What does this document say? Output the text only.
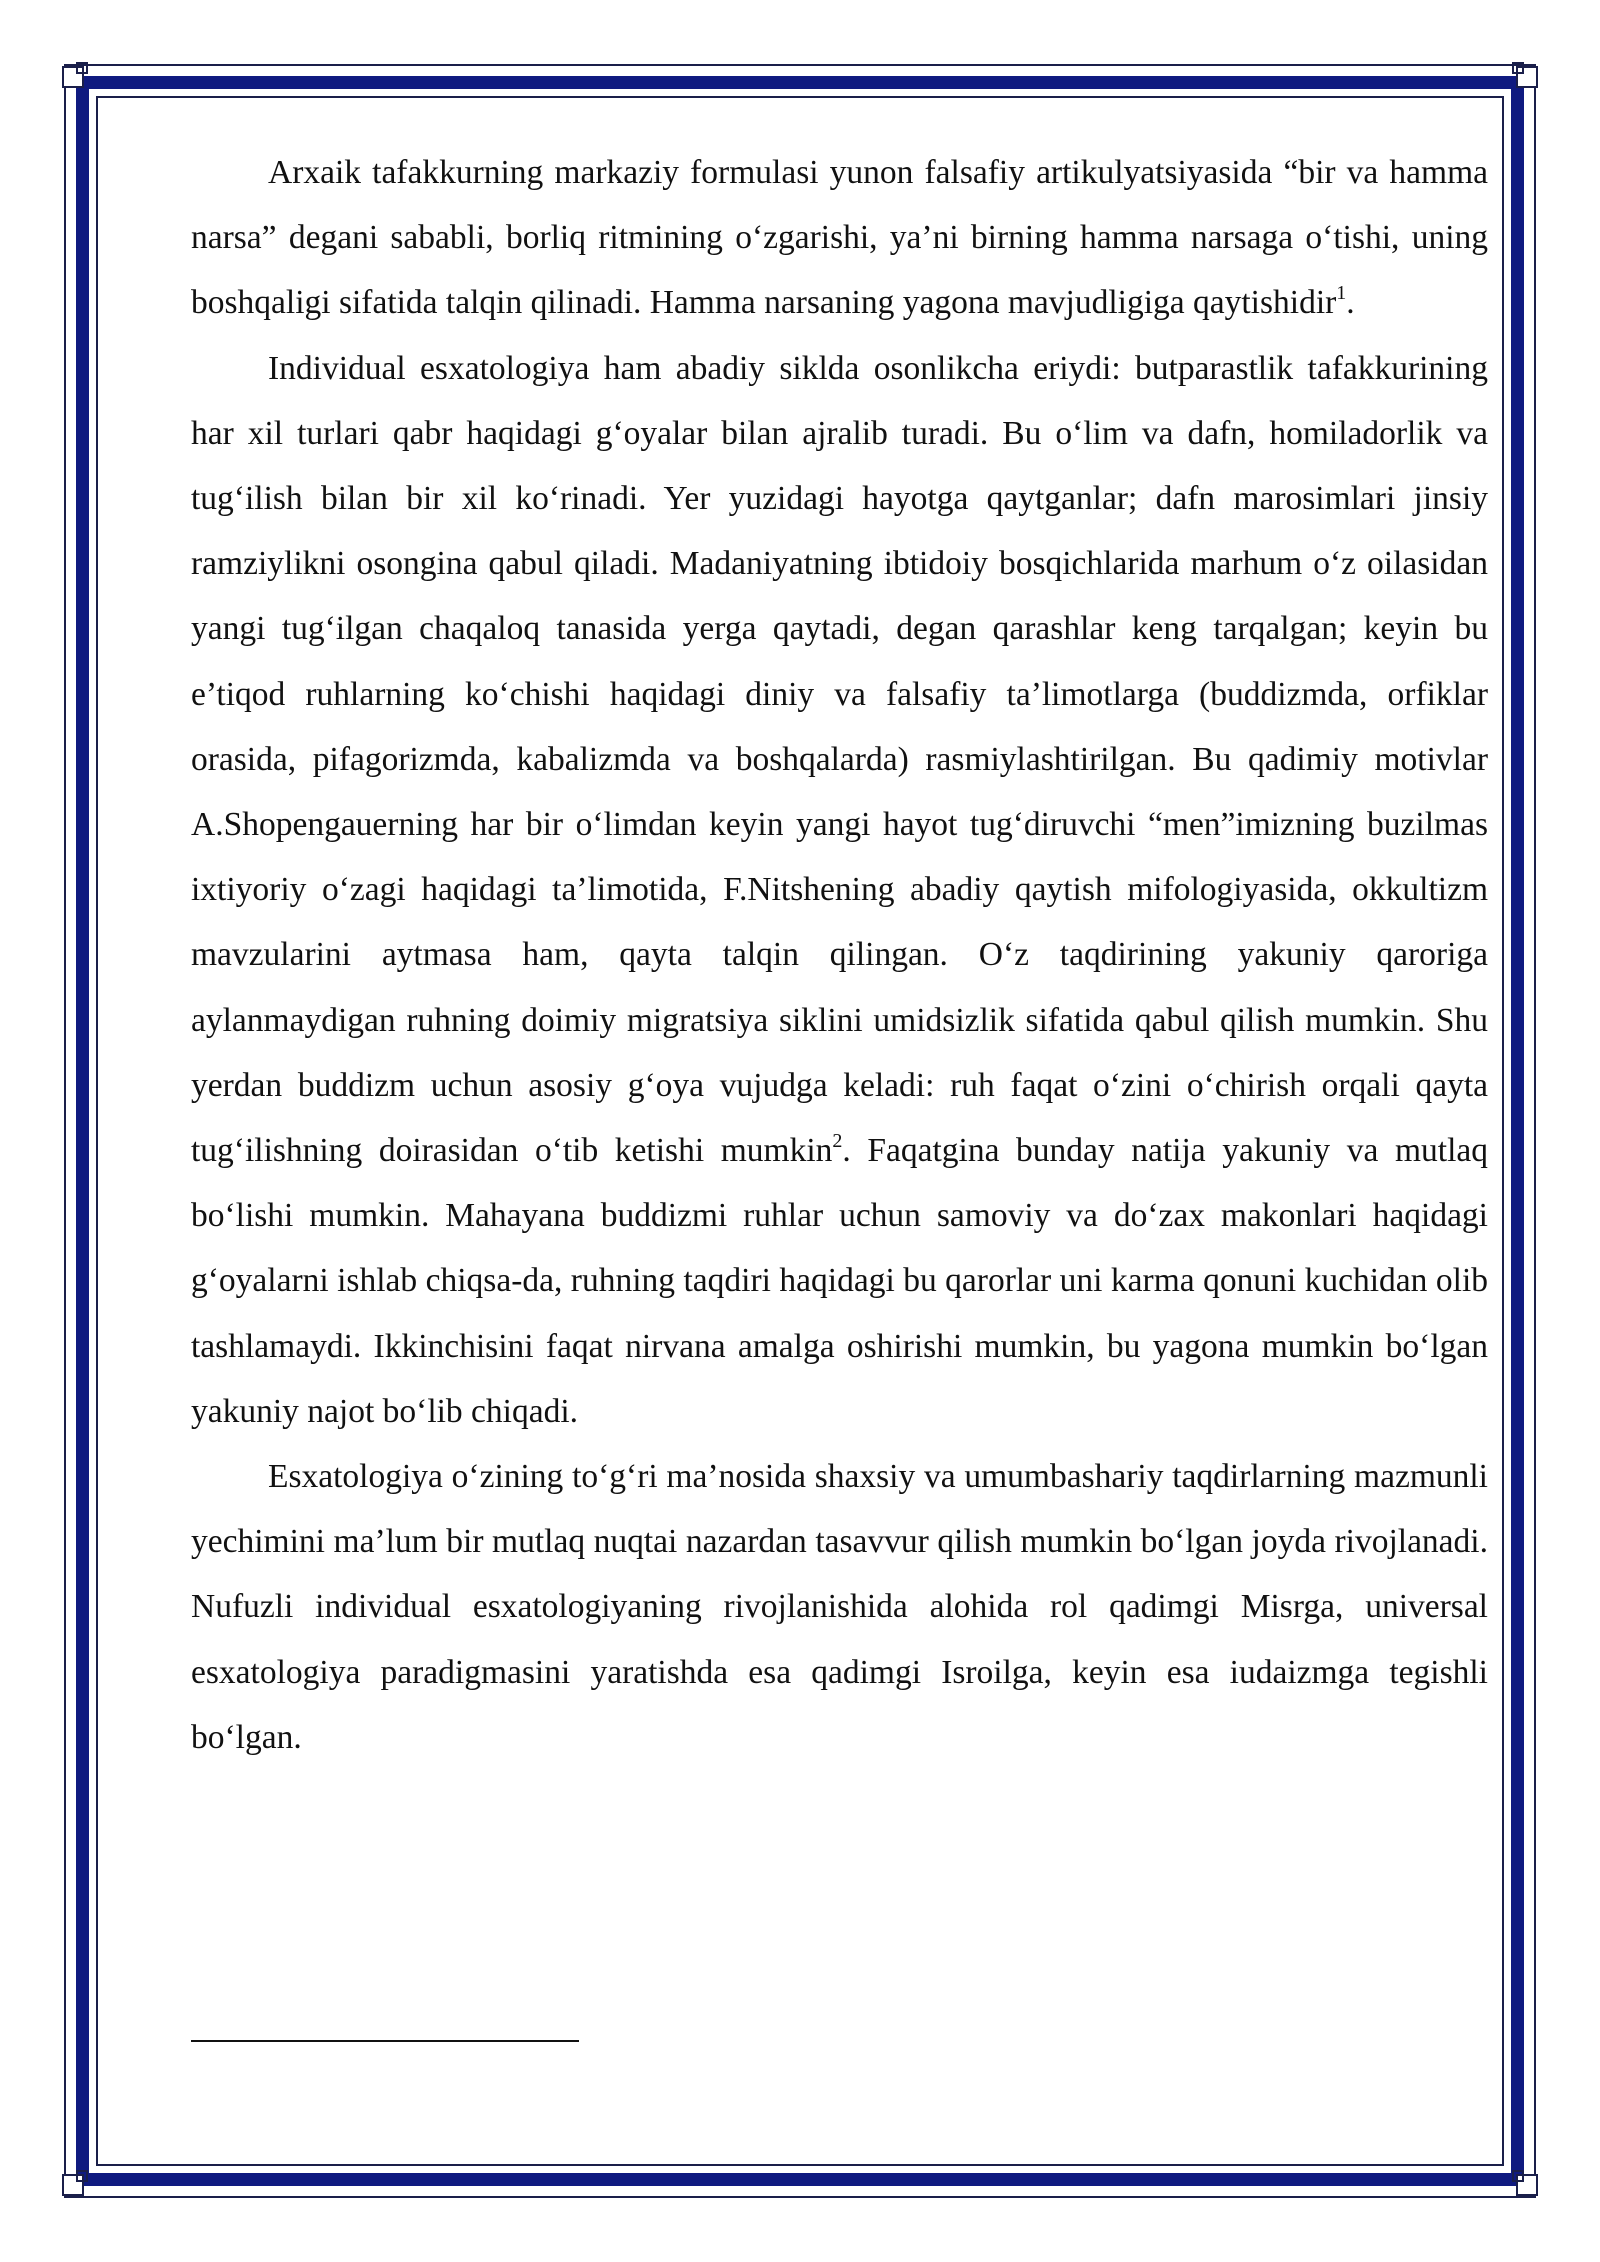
Arxaik tafakkurning markaziy formulasi yunon falsafiy artikulyatsiyasida “bir va hamma narsa” degani sababli, borliq ritmining o‘zgarishi, ya’ni birning hamma narsaga o‘tishi, uning boshqaligi sifatida talqin qilinadi. Hamma narsaning yagona mavjudligiga qaytishidir$^1$.

Individual esxatologiya ham abadiy siklda osonlikcha eriydi: butparastlik tafakkurining har xil turlari qabr haqidagi g‘oyalar bilan ajralib turadi. Bu o‘lim va dafn, homiladorlik va tug‘ilish bilan bir xil ko‘rinadi. Yer yuzidagi hayotga qaytganlar; dafn marosimlari jinsiy ramziylikni osongina qabul qiladi. Madaniyatning ibtidoiy bosqichlarida marhum o‘z oilasidan yangi tug‘ilgan chaqaloq tanasida yerga qaytadi, degan qarashlar keng tarqalgan; keyin bu e’tiqod ruhlarning ko‘chishi haqidagi diniy va falsafiy ta’limotlarga (buddizmda, orfiklar orasida, pifagorizmda, kabalizmda va boshqalarda) rasmiylashtirilgan. Bu qadimiy motivlar A.Shopengauerning har bir o‘limdan keyin yangi hayot tug‘diruvchi “men”imizning buzilmas ixtiyoriy o‘zagi haqidagi ta’limotida, F.Nitshening abadiy qaytish mifologiyasida, okkultizm mavzularini aytmasa ham, qayta talqin qilingan. O‘z taqdirining yakuniy qaroriga aylanmaydigan ruhning doimiy migratsiya siklini umidsizlik sifatida qabul qilish mumkin. Shu yerdan buddizm uchun asosiy g‘oya vujudga keladi: ruh faqat o‘zini o‘chirish orqali qayta tug‘ilishning doirasidan o‘tib ketishi mumkin$^2$. Faqatgina bunday natija yakuniy va mutlaq bo‘lishi mumkin. Mahayana buddizmi ruhlar uchun samoviy va do‘zax makonlari haqidagi g‘oyalarni ishlab chiqsa-da, ruhning taqdiri haqidagi bu qarorlar uni karma qonuni kuchidan olib tashlamaydi. Ikkinchisini faqat nirvana amalga oshirishi mumkin, bu yagona mumkin bo‘lgan yakuniy najot bo‘lib chiqadi.

Esxatologiya o‘zining to‘g‘ri ma’nosida shaxsiy va umumbashariy taqdirlarning mazmunli yechimini ma’lum bir mutlaq nuqtai nazardan tasavvur qilish mumkin bo‘lgan joyda rivojlanadi. Nufuzli individual esxatologiyaning rivojlanishida alohida rol qadimgi Misrga, universal esxatologiya paradigmasini yaratishda esa qadimgi Isroilga, keyin esa iudaizmga tegishli bo‘lgan.
